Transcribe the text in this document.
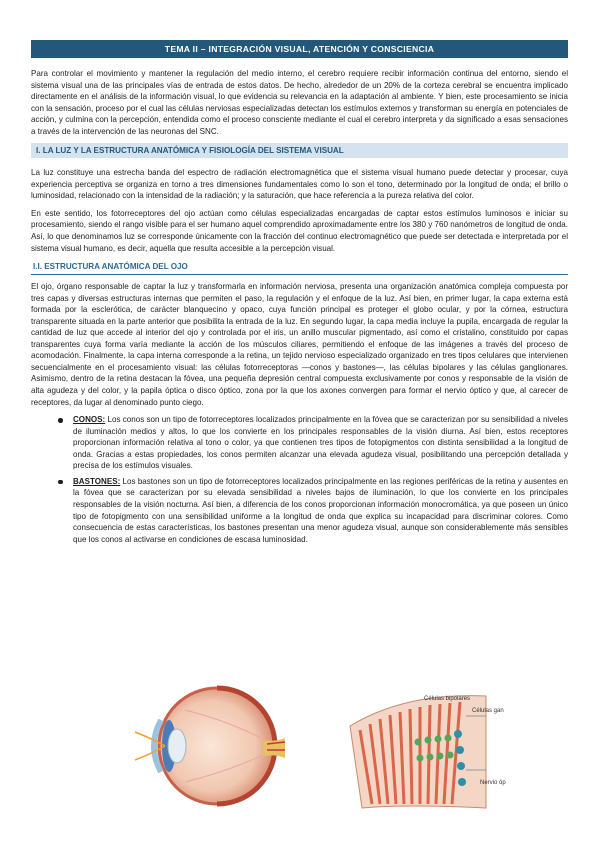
TEMA II – INTEGRACIÓN VISUAL, ATENCIÓN Y CONSCIENCIA

Para controlar el movimiento y mantener la regulación del medio interno, el cerebro requiere recibir información continua del entorno, siendo el sistema visual una de las principales vías de entrada de estos datos. De hecho, alrededor de un 20% de la corteza cerebral se encuentra implicado directamente en el análisis de la información visual, lo que evidencia su relevancia en la adaptación al ambiente. Y bien, este procesamiento se inicia con la sensación, proceso por el cual las células nerviosas especializadas detectan los estímulos externos y transforman su energía en potenciales de acción, y culmina con la percepción, entendida como el proceso consciente mediante el cual el cerebro interpreta y da significado a esas sensaciones a través de la intervención de las neuronas del SNC.

I. LA LUZ Y LA ESTRUCTURA ANATÓMICA Y FISIOLOGÍA DEL SISTEMA VISUAL

La luz constituye una estrecha banda del espectro de radiación electromagnética que el sistema visual humano puede detectar y procesar, cuya experiencia perceptiva se organiza en torno a tres dimensiones fundamentales como lo son el tono, determinado por la longitud de onda; el brillo o luminosidad, relacionado con la intensidad de la radiación; y la saturación, que hace referencia a la pureza relativa del color.

En este sentido, los fotorreceptores del ojo actúan como células especializadas encargadas de captar estos estímulos luminosos e iniciar su procesamiento, siendo el rango visible para el ser humano aquel comprendido aproximadamente entre los 380 y 760 nanómetros de longitud de onda. Así, lo que denominamos luz se corresponde únicamente con la fracción del continuo electromagnético que puede ser detectada e interpretada por el sistema visual humano, es decir, aquella que resulta accesible a la percepción visual.

I.I. ESTRUCTURA ANATÓMICA DEL OJO

El ojo, órgano responsable de captar la luz y transformarla en información nerviosa, presenta una organización anatómica compleja compuesta por tres capas y diversas estructuras internas que permiten el paso, la regulación y el enfoque de la luz. Así bien, en primer lugar, la capa externa está formada por la esclerótica, de carácter blanquecino y opaco, cuya función principal es proteger el globo ocular, y por la córnea, estructura transparente situada en la parte anterior que posibilita la entrada de la luz. En segundo lugar, la capa media incluye la pupila, encargada de regular la cantidad de luz que accede al interior del ojo y controlada por el iris, un anillo muscular pigmentado, así como el cristalino, constituido por capas transparentes cuya forma varía mediante la acción de los músculos ciliares, permitiendo el enfoque de las imágenes a través del proceso de acomodación. Finalmente, la capa interna corresponde a la retina, un tejido nervioso especializado organizado en tres tipos celulares que intervienen secuencialmente en el procesamiento visual: las células fotorreceptoras —conos y bastones—, las células bipolares y las células ganglionares. Asimismo, dentro de la retina destacan la fóvea, una pequeña depresión central compuesta exclusivamente por conos y responsable de la visión de alta agudeza y del color, y la papila óptica o disco óptico, zona por la que los axones convergen para formar el nervio óptico y que, al carecer de receptores, da lugar al denominado punto ciego.

CONOS: Los conos son un tipo de fotorreceptores localizados principalmente en la fóvea que se caracterizan por su sensibilidad a niveles de iluminación medios y altos, lo que los convierte en los principales responsables de la visión diurna. Así bien, estos receptores proporcionan información relativa al tono o color, ya que contienen tres tipos de fotopigmentos con distinta sensibilidad a la longitud de onda. Gracias a estas propiedades, los conos permiten alcanzar una elevada agudeza visual, posibilitando una percepción detallada y precisa de los estímulos visuales.
BASTONES: Los bastones son un tipo de fotorreceptores localizados principalmente en las regiones periféricas de la retina y ausentes en la fóvea que se caracterizan por su elevada sensibilidad a niveles bajos de iluminación, lo que los convierte en los principales responsables de la visión nocturna. Así bien, a diferencia de los conos proporcionan información monocromática, ya que poseen un único tipo de fotopigmento con una sensibilidad uniforme a la longitud de onda que explica su incapacidad para discriminar colores. Como consecuencia de estas características, los bastones presentan una menor agudeza visual, aunque son considerablemente más sensibles que los conos al activarse en condiciones de escasa luminosidad.
Células bipolares
Células gan
Nervio óp
